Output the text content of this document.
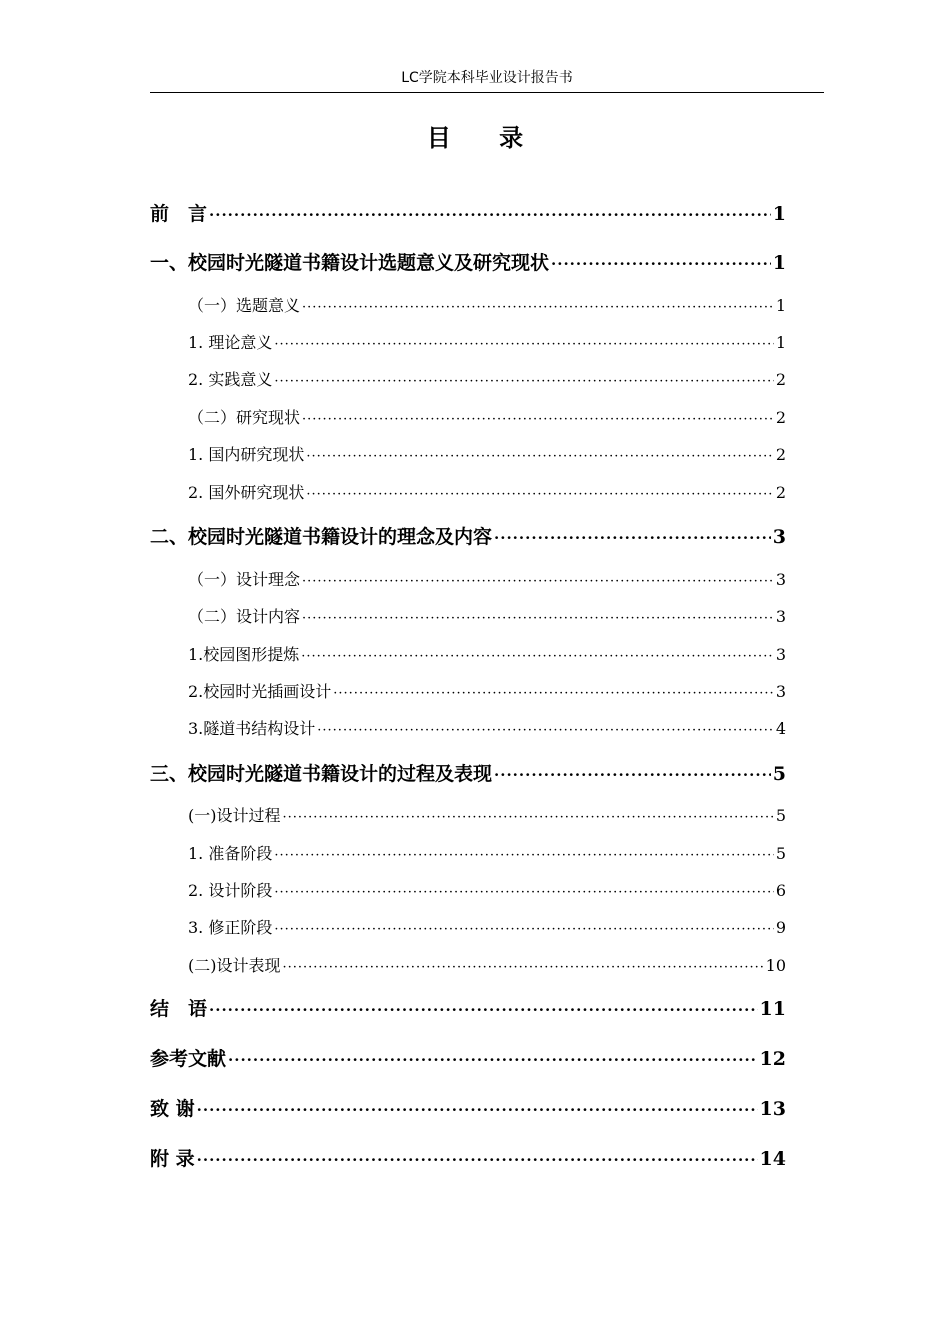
LC学院本科毕业设计报告书
目 录
前　言 ·····	1
一、校园时光隧道书籍设计选题意义及研究现状 ·····	1
（一）选题意义 ·····	1
1. 理论意义 ·····	1
2. 实践意义 ·····	2
（二）研究现状 ·····	2
1. 国内研究现状 ·····	2
2. 国外研究现状 ·····	2
二、校园时光隧道书籍设计的理念及内容 ·····	3
（一）设计理念 ·····	3
（二）设计内容 ·····	3
1.校园图形提炼 ·····	3
2.校园时光插画设计 ·····	3
3.隧道书结构设计 ·····	4
三、校园时光隧道书籍设计的过程及表现 ·····	5
(一)设计过程 ·····	5
1. 准备阶段 ·····	5
2. 设计阶段 ·····	6
3. 修正阶段 ·····	9
(二)设计表现 ·····	10
结　语 ·····	11
参考文献 ·····	12
致 谢 ·····	13
附 录 ·····	14
